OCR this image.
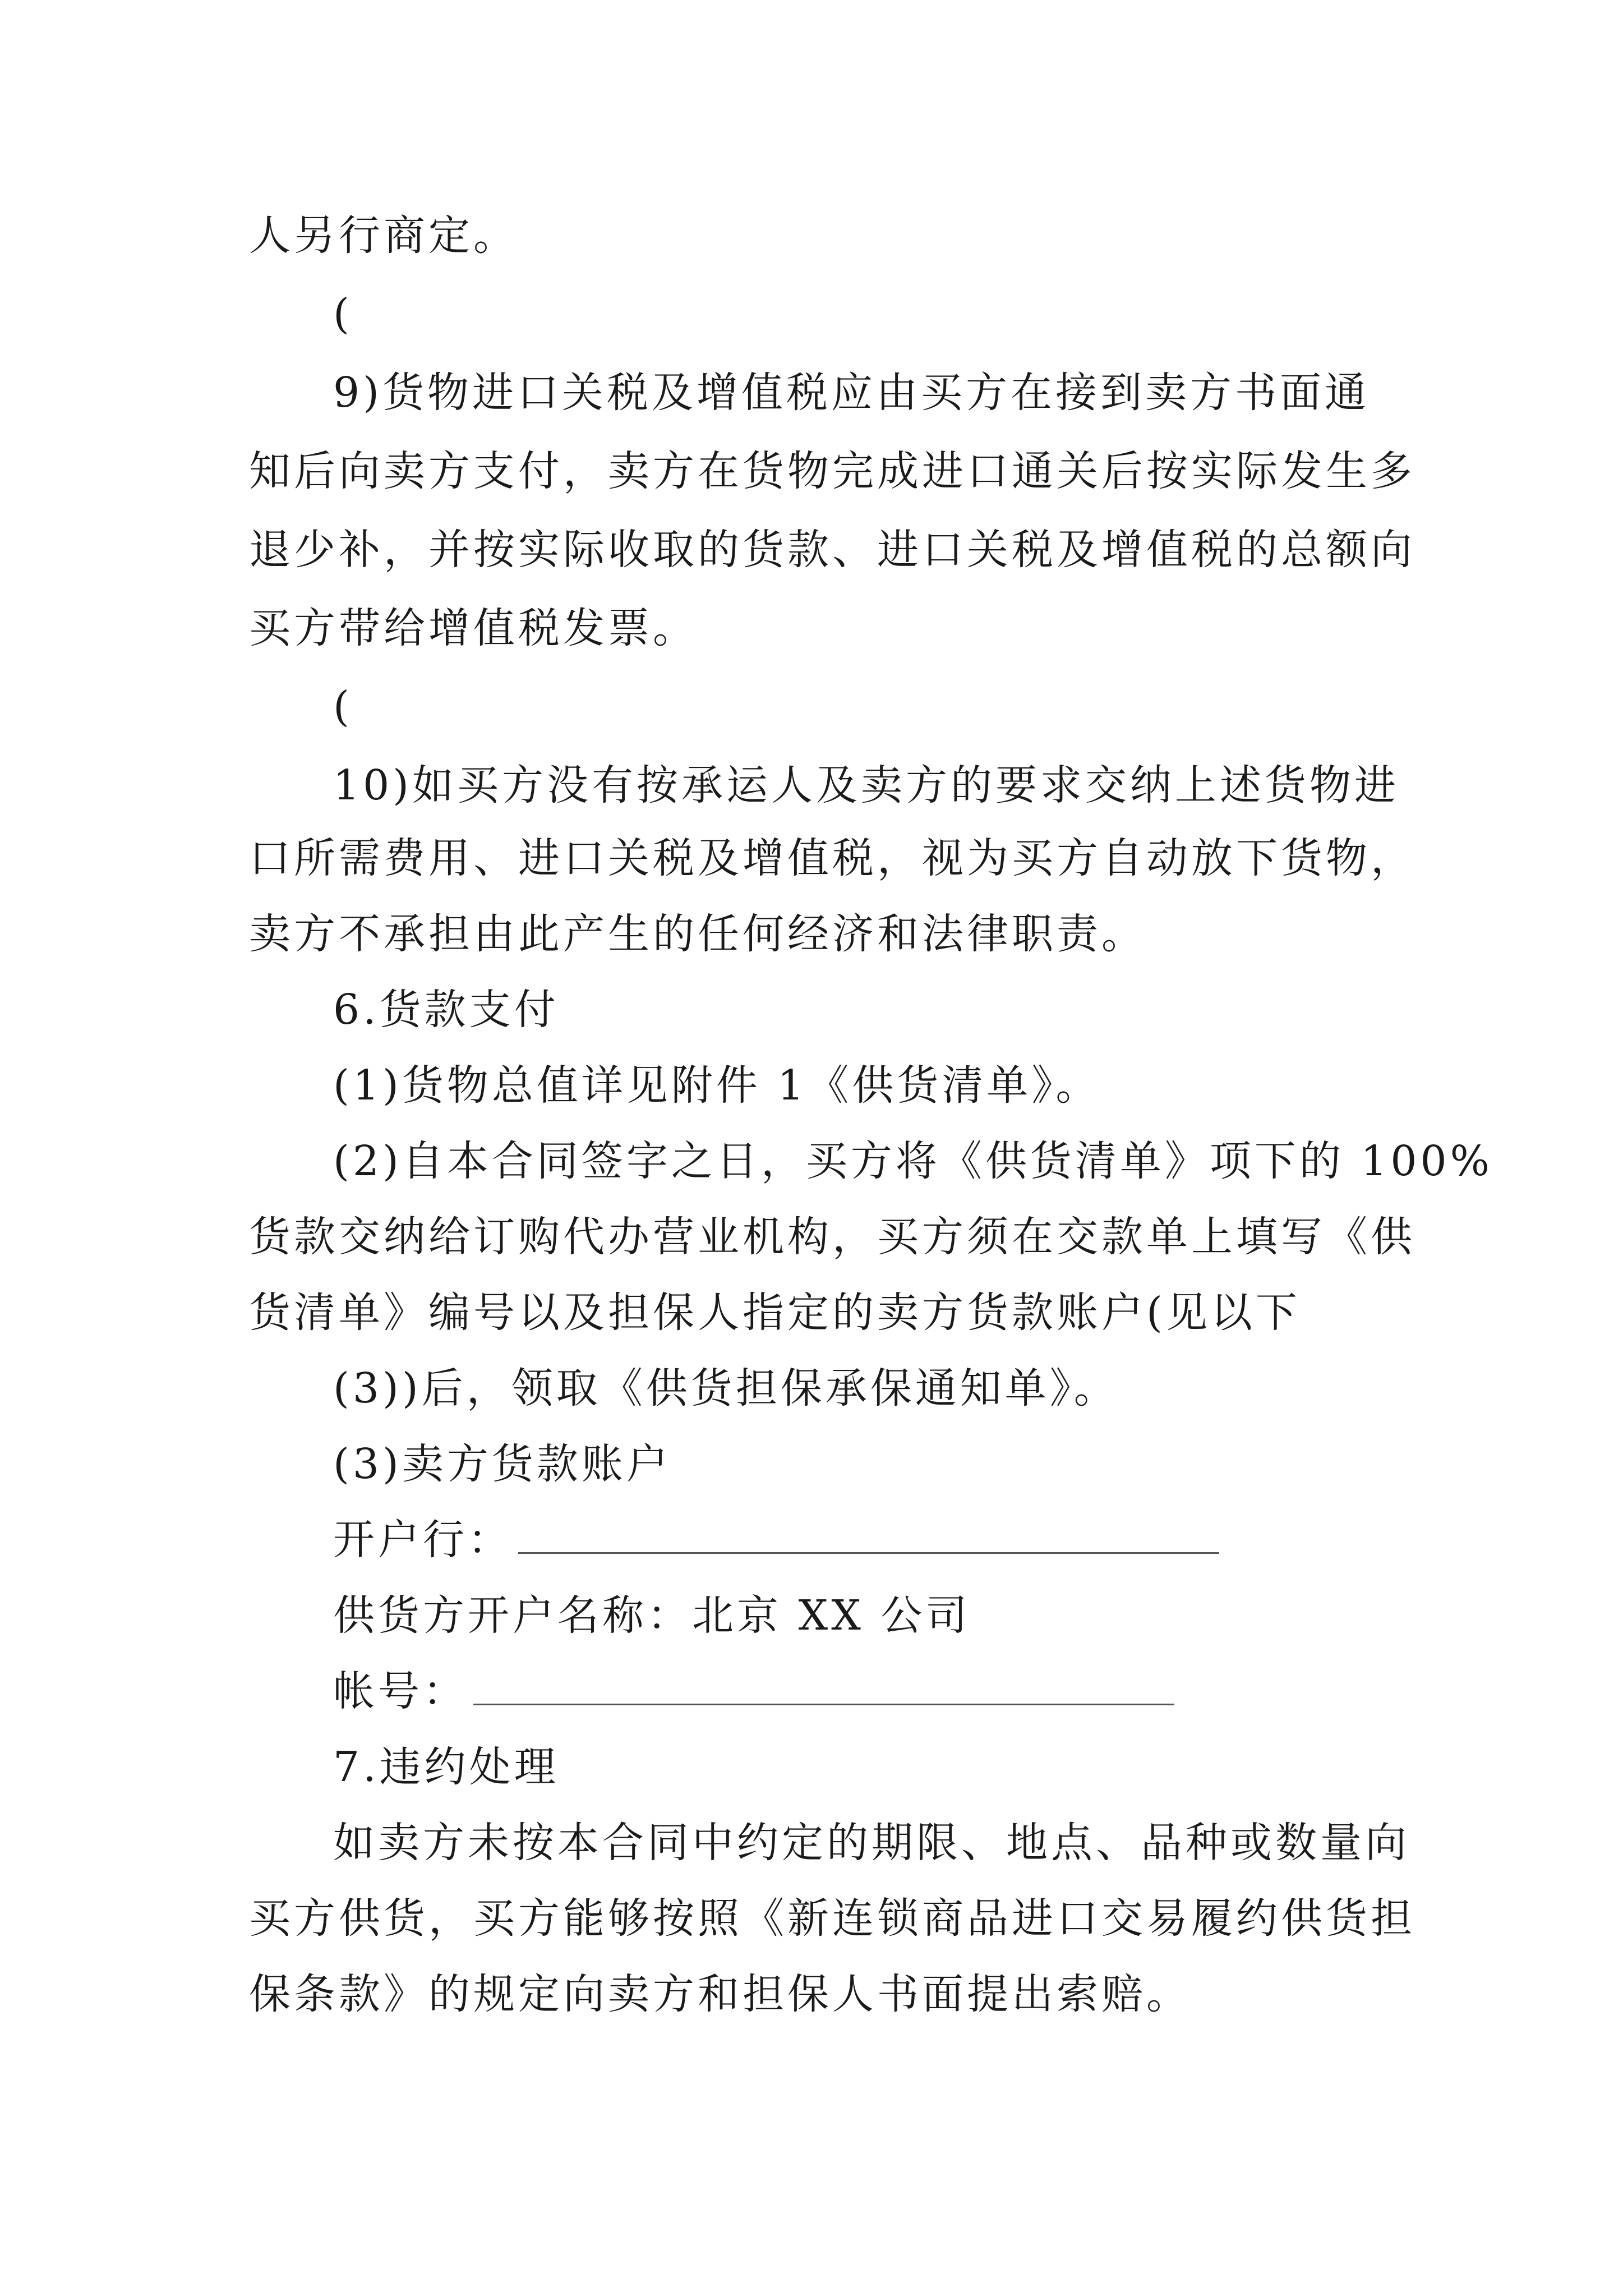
人另行商定。
(
9)货物进口关税及增值税应由买方在接到卖方书面通
知后向卖方支付，卖方在货物完成进口通关后按实际发生多
退少补，并按实际收取的货款、进口关税及增值税的总额向
买方带给增值税发票。
(
10)如买方没有按承运人及卖方的要求交纳上述货物进
口所需费用、进口关税及增值税，视为买方自动放下货物，
卖方不承担由此产生的任何经济和法律职责。
6.货款支付
(1)货物总值详见附件 1《供货清单》。
(2)自本合同签字之日，买方将《供货清单》项下的 100%
货款交纳给订购代办营业机构，买方须在交款单上填写《供
货清单》编号以及担保人指定的卖方货款账户(见以下
(3))后，领取《供货担保承保通知单》。
(3)卖方货款账户
开户行：
供货方开户名称：北京 XX 公司
帐号：
7.违约处理
如卖方未按本合同中约定的期限、地点、品种或数量向
买方供货，买方能够按照《新连锁商品进口交易履约供货担
保条款》的规定向卖方和担保人书面提出索赔。
